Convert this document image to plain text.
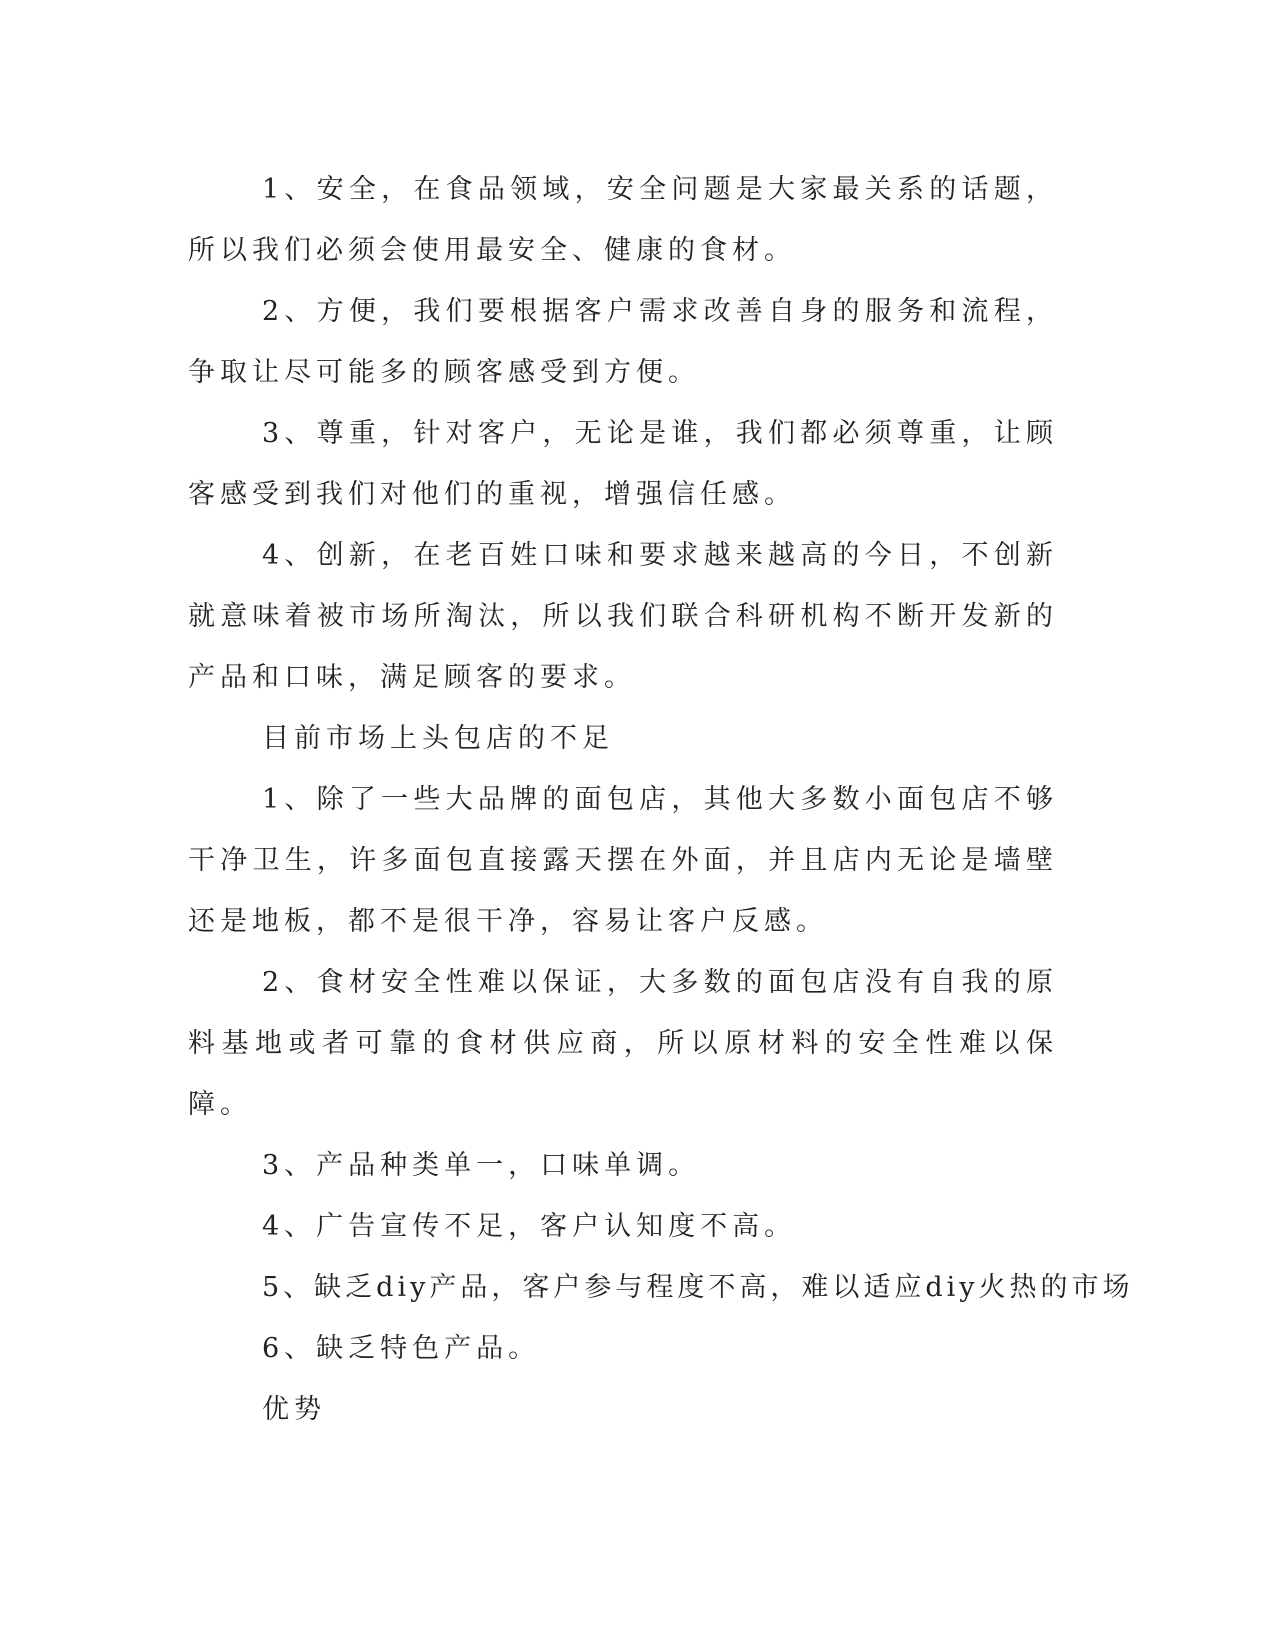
1、安全，在食品领域，安全问题是大家最关系的话题，所以我们必须会使用最安全、健康的食材。

2、方便，我们要根据客户需求改善自身的服务和流程，争取让尽可能多的顾客感受到方便。

3、尊重，针对客户，无论是谁，我们都必须尊重，让顾客感受到我们对他们的重视，增强信任感。

4、创新，在老百姓口味和要求越来越高的今日，不创新就意味着被市场所淘汰，所以我们联合科研机构不断开发新的产品和口味，满足顾客的要求。

目前市场上头包店的不足

1、除了一些大品牌的面包店，其他大多数小面包店不够干净卫生，许多面包直接露天摆在外面，并且店内无论是墙壁还是地板，都不是很干净，容易让客户反感。

2、食材安全性难以保证，大多数的面包店没有自我的原料基地或者可靠的食材供应商，所以原材料的安全性难以保障。

3、产品种类单一，口味单调。

4、广告宣传不足，客户认知度不高。

5、缺乏diy产品，客户参与程度不高，难以适应diy火热的市场

6、缺乏特色产品。

优势
